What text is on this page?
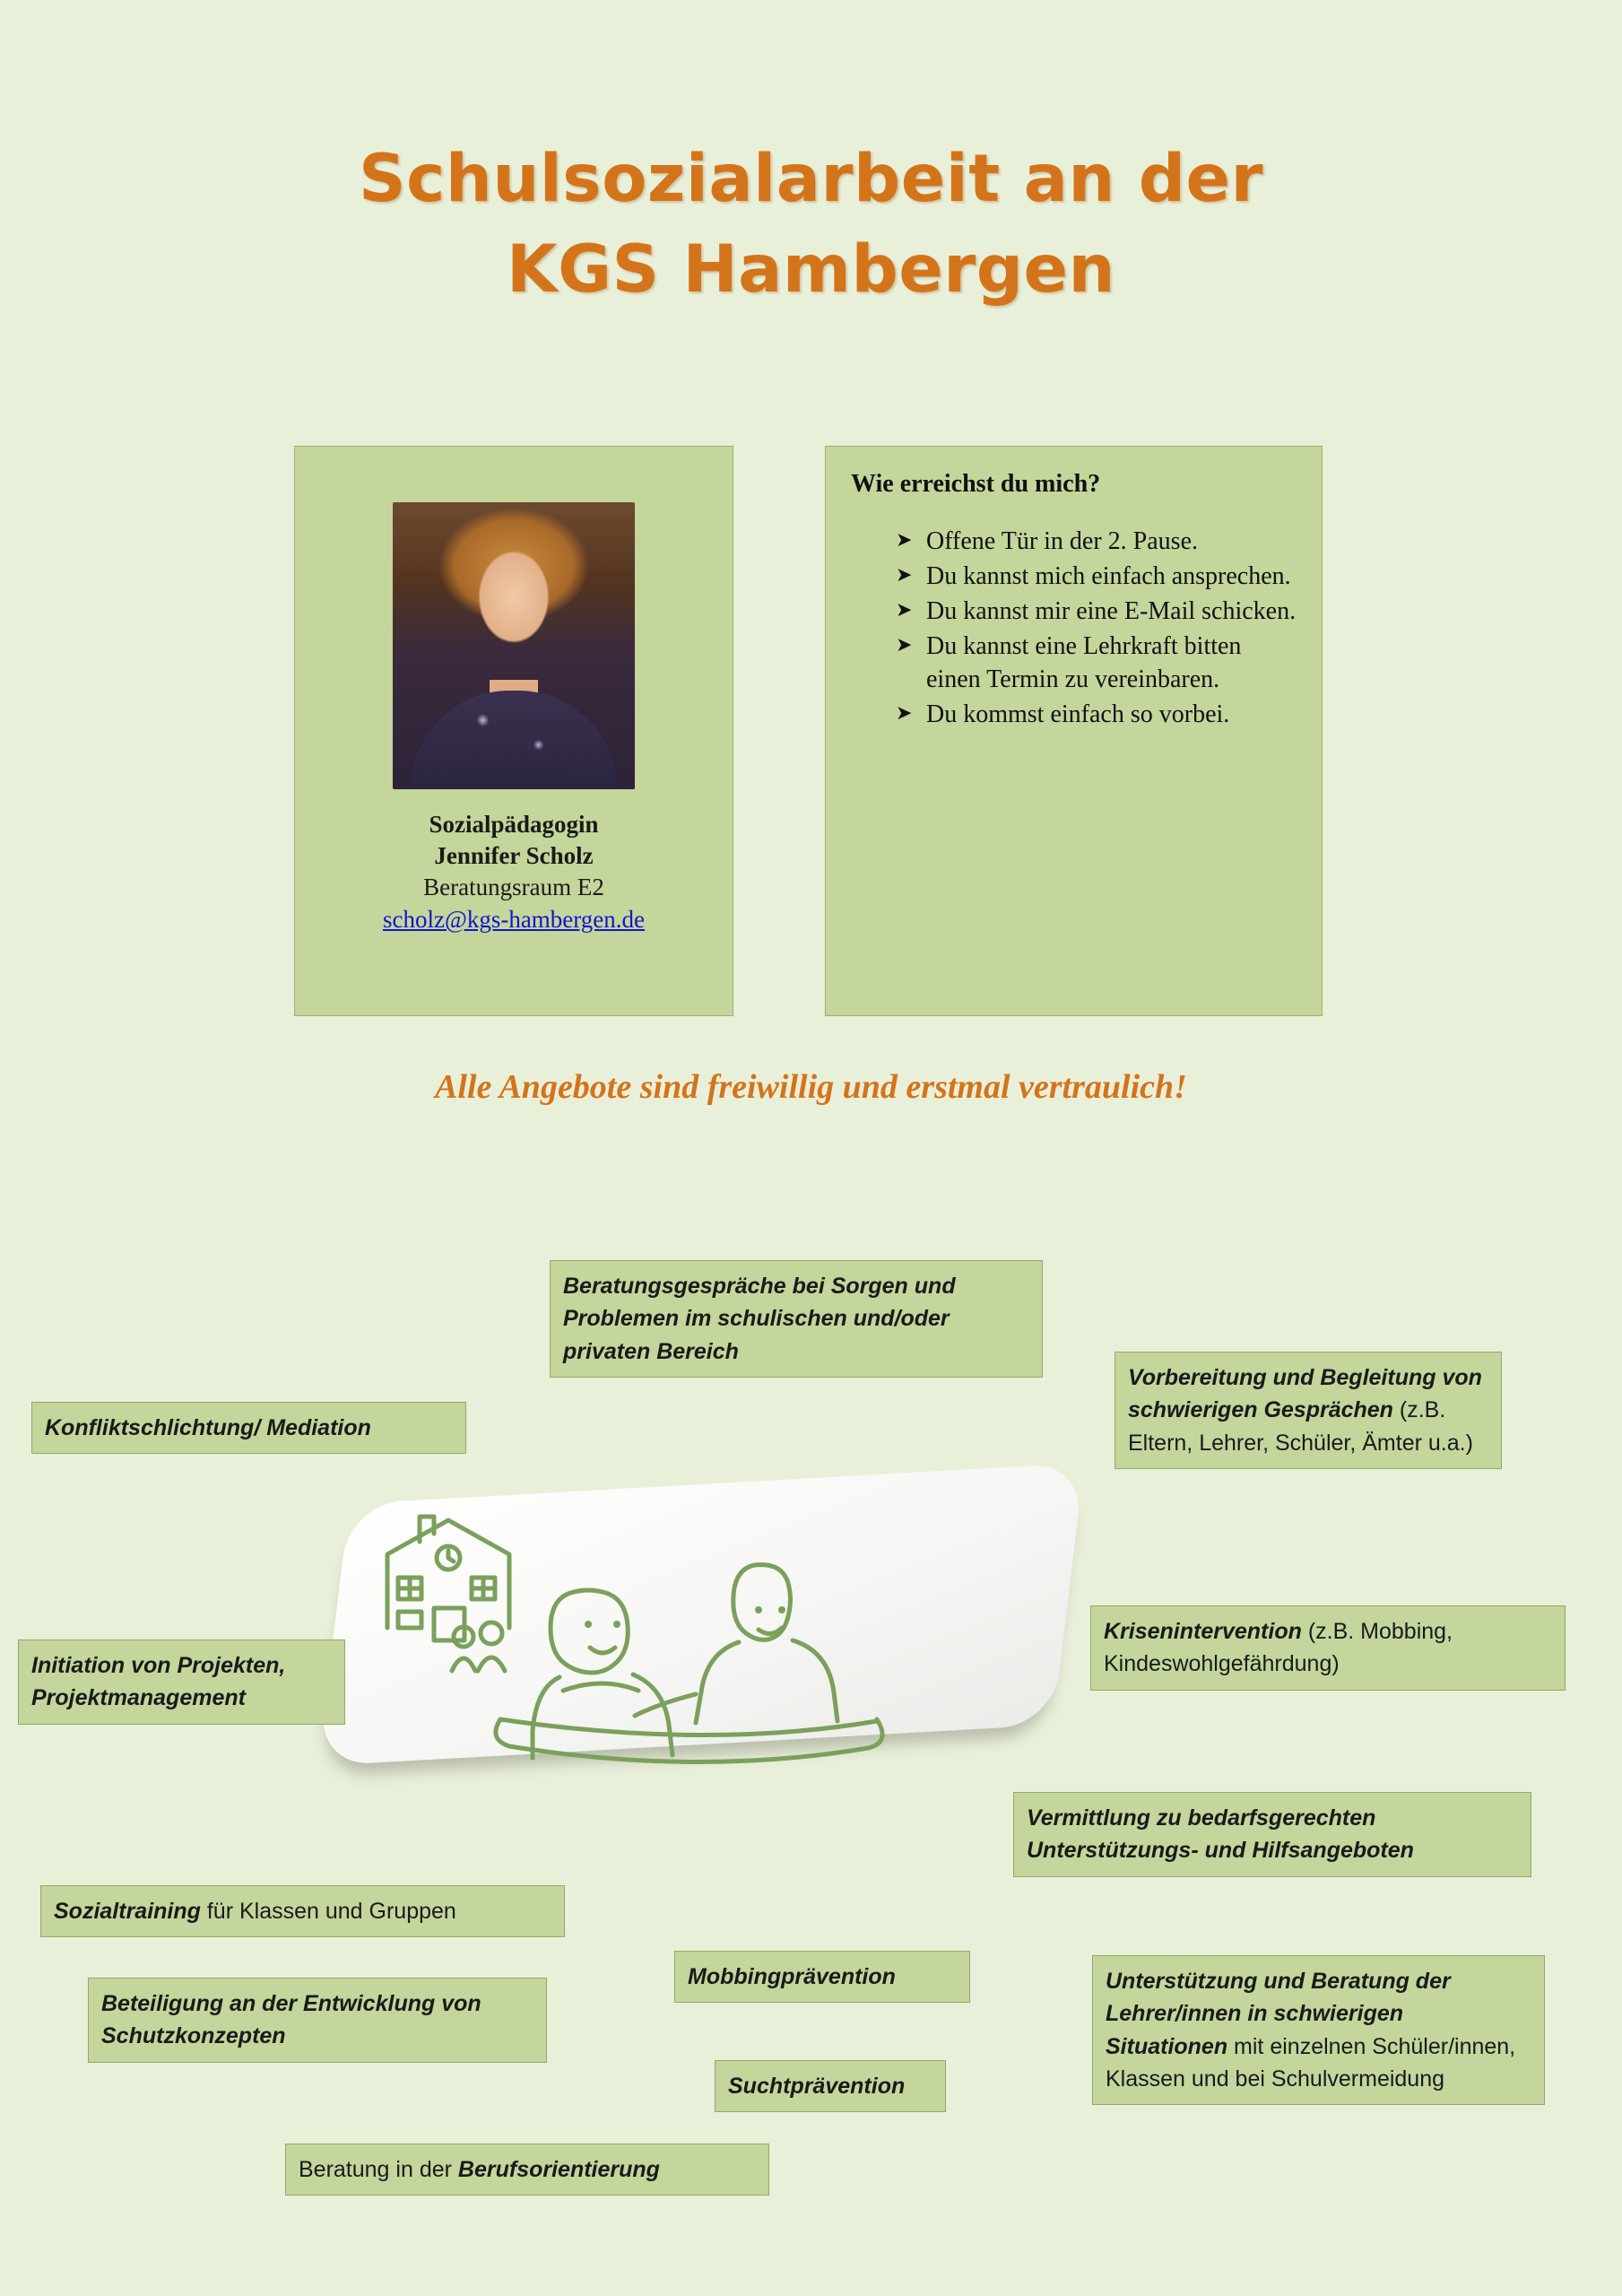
Schulsozialarbeit an der
KGS Hambergen
Sozialpädagogin
Jennifer Scholz
Beratungsraum E2
scholz@kgs-hambergen.de
Wie erreichst du mich?
➤ Offene Tür in der 2. Pause.
➤ Du kannst mich einfach ansprechen.
➤ Du kannst mir eine E-Mail schicken.
➤ Du kannst eine Lehrkraft bitten einen Termin zu vereinbaren.
➤ Du kommst einfach so vorbei.
Alle Angebote sind freiwillig und erstmal vertraulich!
Beratungsgespräche bei Sorgen und Problemen im schulischen und/oder privaten Bereich
Konfliktschlichtung/ Mediation
Vorbereitung und Begleitung von schwierigen Gesprächen (z.B. Eltern, Lehrer, Schüler, Ämter u.a.)
Initiation von Projekten, Projektmanagement
Krisenintervention (z.B. Mobbing, Kindeswohlgefährdung)
Vermittlung zu bedarfsgerechten Unterstützungs- und Hilfsangeboten
Sozialtraining für Klassen und Gruppen
Mobbingprävention	Unterstützung und Beratung der Lehrer/innen in schwierigen Situationen mit einzelnen Schüler/innen, Klassen und bei Schulvermeidung
Beteiligung an der Entwicklung von Schutzkonzepten
Suchtprävention
Beratung in der Berufsorientierung
